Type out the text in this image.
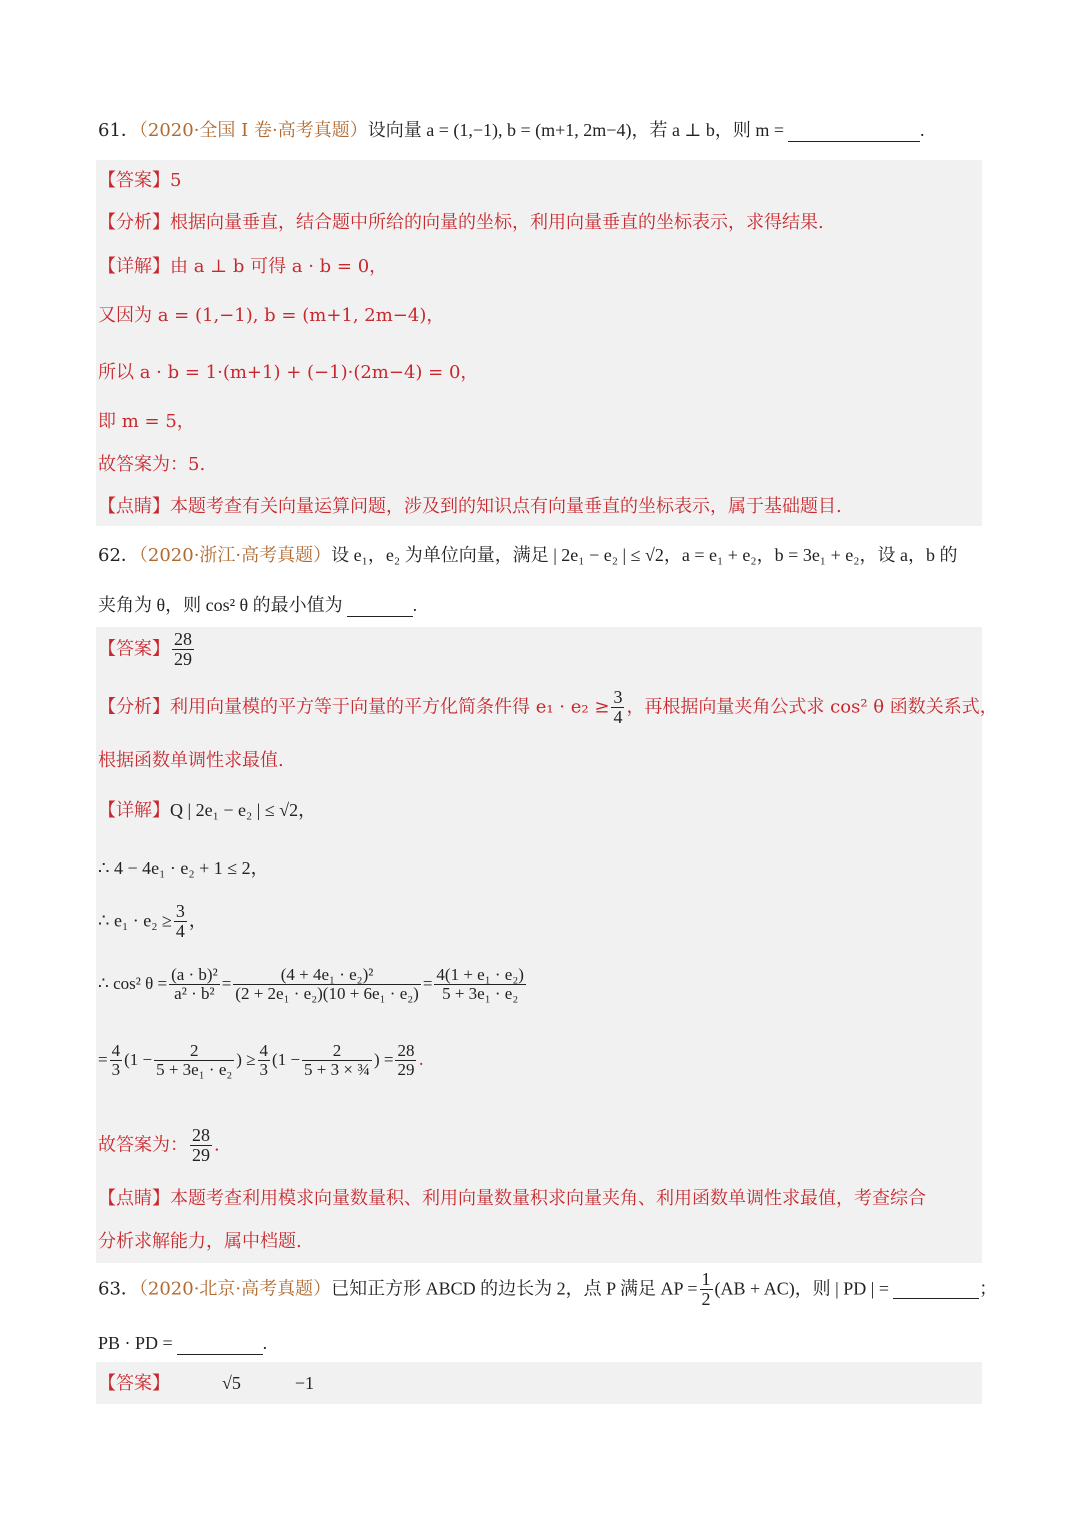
61．（2020·全国 I 卷·高考真题）设向量 a = (1,−1), b = (m+1, 2m−4)，若 a ⊥ b，则 m =	.
【答案】5
【分析】根据向量垂直，结合题中所给的向量的坐标，利用向量垂直的坐标表示，求得结果.
【详解】由 a ⊥ b 可得 a · b = 0，
又因为 a = (1,−1), b = (m+1, 2m−4)，
所以 a · b = 1·(m+1) + (−1)·(2m−4) = 0，
即 m = 5，
故答案为：5.
【点睛】本题考查有关向量运算问题，涉及到的知识点有向量垂直的坐标表示，属于基础题目.
62．（2020·浙江·高考真题）设 e₁，e₂ 为单位向量，满足 | 2e₁ − e₂ | ≤ √2，a = e₁ + e₂，b = 3e₁ + e₂，设 a，b 的
夹角为 θ，则 cos² θ 的最小值为	.
【答案】 $\frac{28}{29}$
【分析】利用向量模的平方等于向量的平方化简条件得 $e_1 \cdot e_2 \ge \frac{3}{4}$ ，再根据向量夹角公式求 cos² θ 函数关系式，
根据函数单调性求最值.
【详解】Q | 2e₁ − e₂ | ≤ √2，
∴ 4 − 4e₁ · e₂ + 1 ≤ 2，
∴ $e_1 \cdot e_2 \ge \frac{3}{4}$ ，
∴ cos² $\theta = \frac{\text{(a · b)²}}{\text{a² · b²}} = \frac{\text{(4 + 4e₁ · e₂)²}}{\text{(2 + 2e₁ · e₂)(10 + 6e₁ · e₂)}} = \frac{\text{4(1 + e₁ · e₂)}}{\text{5 + 3e₁ · e₂}}$
= $\frac{4}{3} (1 - \frac{2}{\text{5 + 3e₁ · e₂}}$ ) ≥ $\frac{4}{3} (1 - \frac{2}{\text{5 + 3 × ¾}}$ ) = $\frac{28}{29}$ .
故答案为： $\frac{28}{29}$ .
【点睛】本题考查利用模求向量数量积、利用向量数量积求向量夹角、利用函数单调性求最值，考查综合
分析求解能力，属中档题.
63．（2020·北京·高考真题）已知正方形 ABCD 的边长为 2，点 P 满足 AP = $\frac{1}{2} (AB + AC)$，则 | PD | =	；
PB · PD =	.
【答案】	√5	−1
